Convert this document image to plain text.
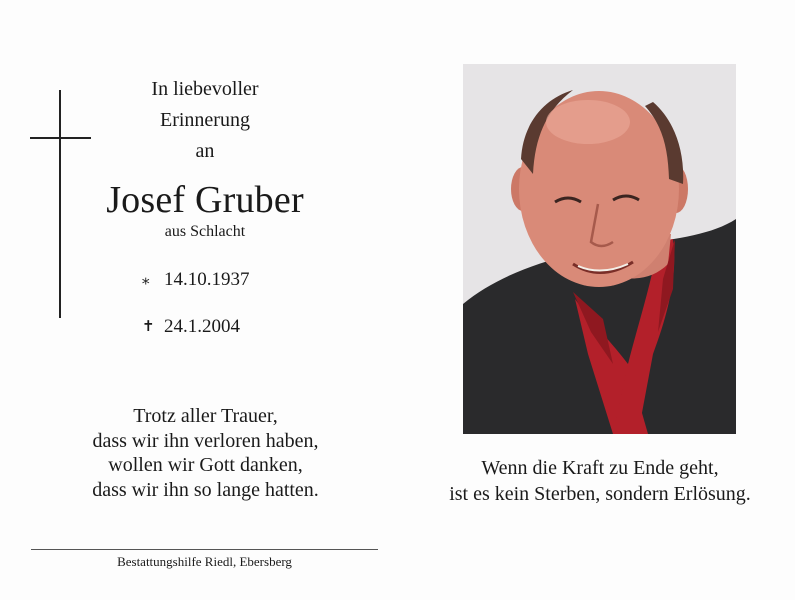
In liebevoller
Erinnerung
an
Josef Gruber
aus Schlacht
⁎ 14.10.1937
✝ 24.1.2004
Trotz aller Trauer,
dass wir ihn verloren haben,
wollen wir Gott danken,
dass wir ihn so lange hatten.
Bestattungshilfe Riedl, Ebersberg
Wenn die Kraft zu Ende geht,
ist es kein Sterben, sondern Erlösung.
